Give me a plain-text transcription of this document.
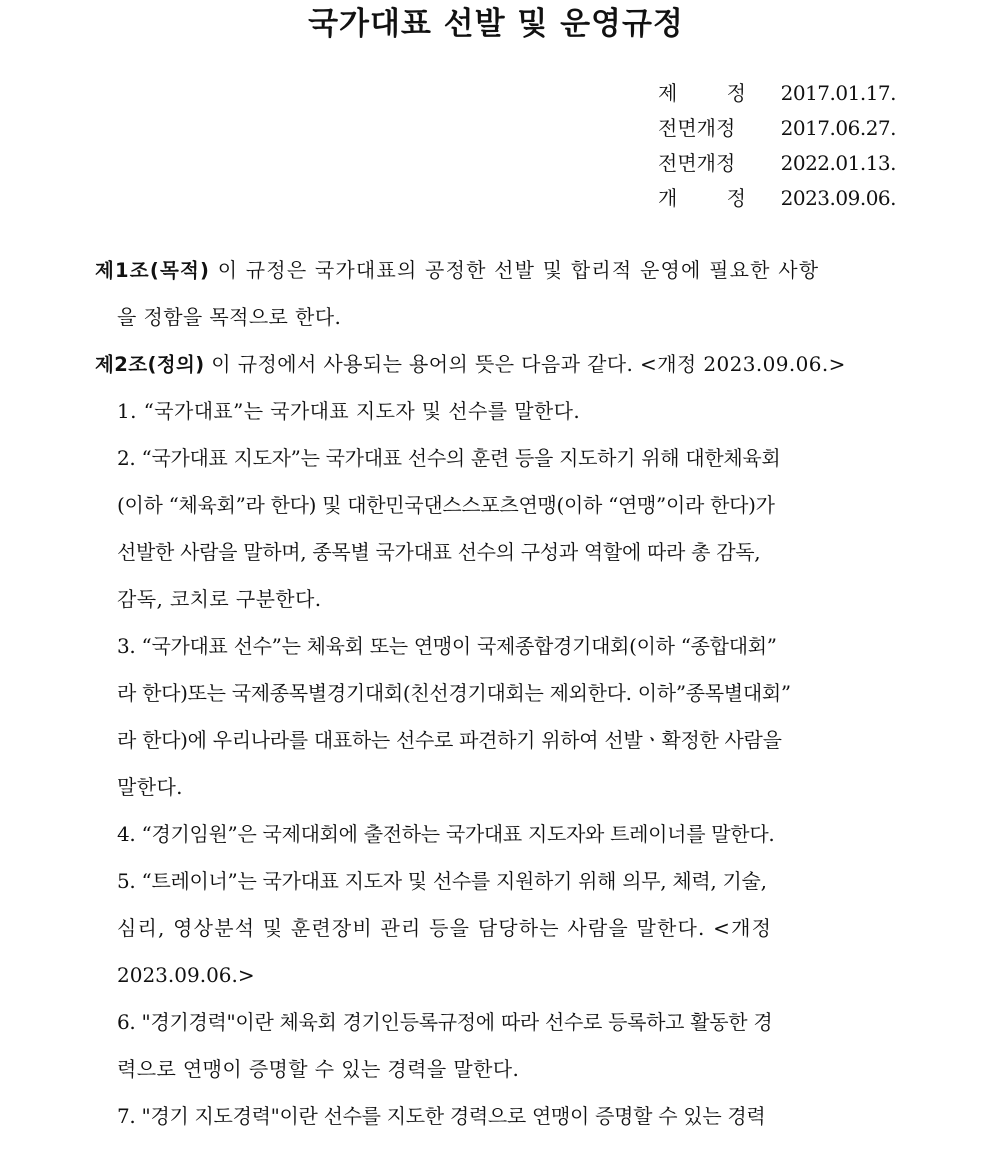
국가대표 선발 및 운영규정
제 정 2017.01.17.
전면개정	2017.06.27.
전면개정	2022.01.13.
개 정 2023.09.06.
제1조(목적) 이 규정은 국가대표의 공정한 선발 및 합리적 운영에 필요한 사항
을 정함을 목적으로 한다.
제2조(정의) 이 규정에서 사용되는 용어의 뜻은 다음과 같다. <개정 2023.09.06.>
1. “국가대표”는 국가대표 지도자 및 선수를 말한다.
2. “국가대표 지도자”는 국가대표 선수의 훈련 등을 지도하기 위해 대한체육회
(이하 “체육회”라 한다) 및 대한민국댄스스포츠연맹(이하 “연맹”이라 한다)가
선발한 사람을 말하며, 종목별 국가대표 선수의 구성과 역할에 따라 총 감독,
감독, 코치로 구분한다.
3. “국가대표 선수”는 체육회 또는 연맹이 국제종합경기대회(이하 “종합대회”
라 한다)또는 국제종목별경기대회(친선경기대회는 제외한다. 이하”종목별대회”
라 한다)에 우리나라를 대표하는 선수로 파견하기 위하여 선발ㆍ확정한 사람을
말한다.
4. “경기임원”은 국제대회에 출전하는 국가대표 지도자와 트레이너를 말한다.
5. “트레이너”는 국가대표 지도자 및 선수를 지원하기 위해 의무, 체력, 기술,
심리, 영상분석 및 훈련장비 관리 등을 담당하는 사람을 말한다. <개정
2023.09.06.>
6. "경기경력"이란 체육회 경기인등록규정에 따라 선수로 등록하고 활동한 경
력으로 연맹이 증명할 수 있는 경력을 말한다.
7. "경기 지도경력"이란 선수를 지도한 경력으로 연맹이 증명할 수 있는 경력
